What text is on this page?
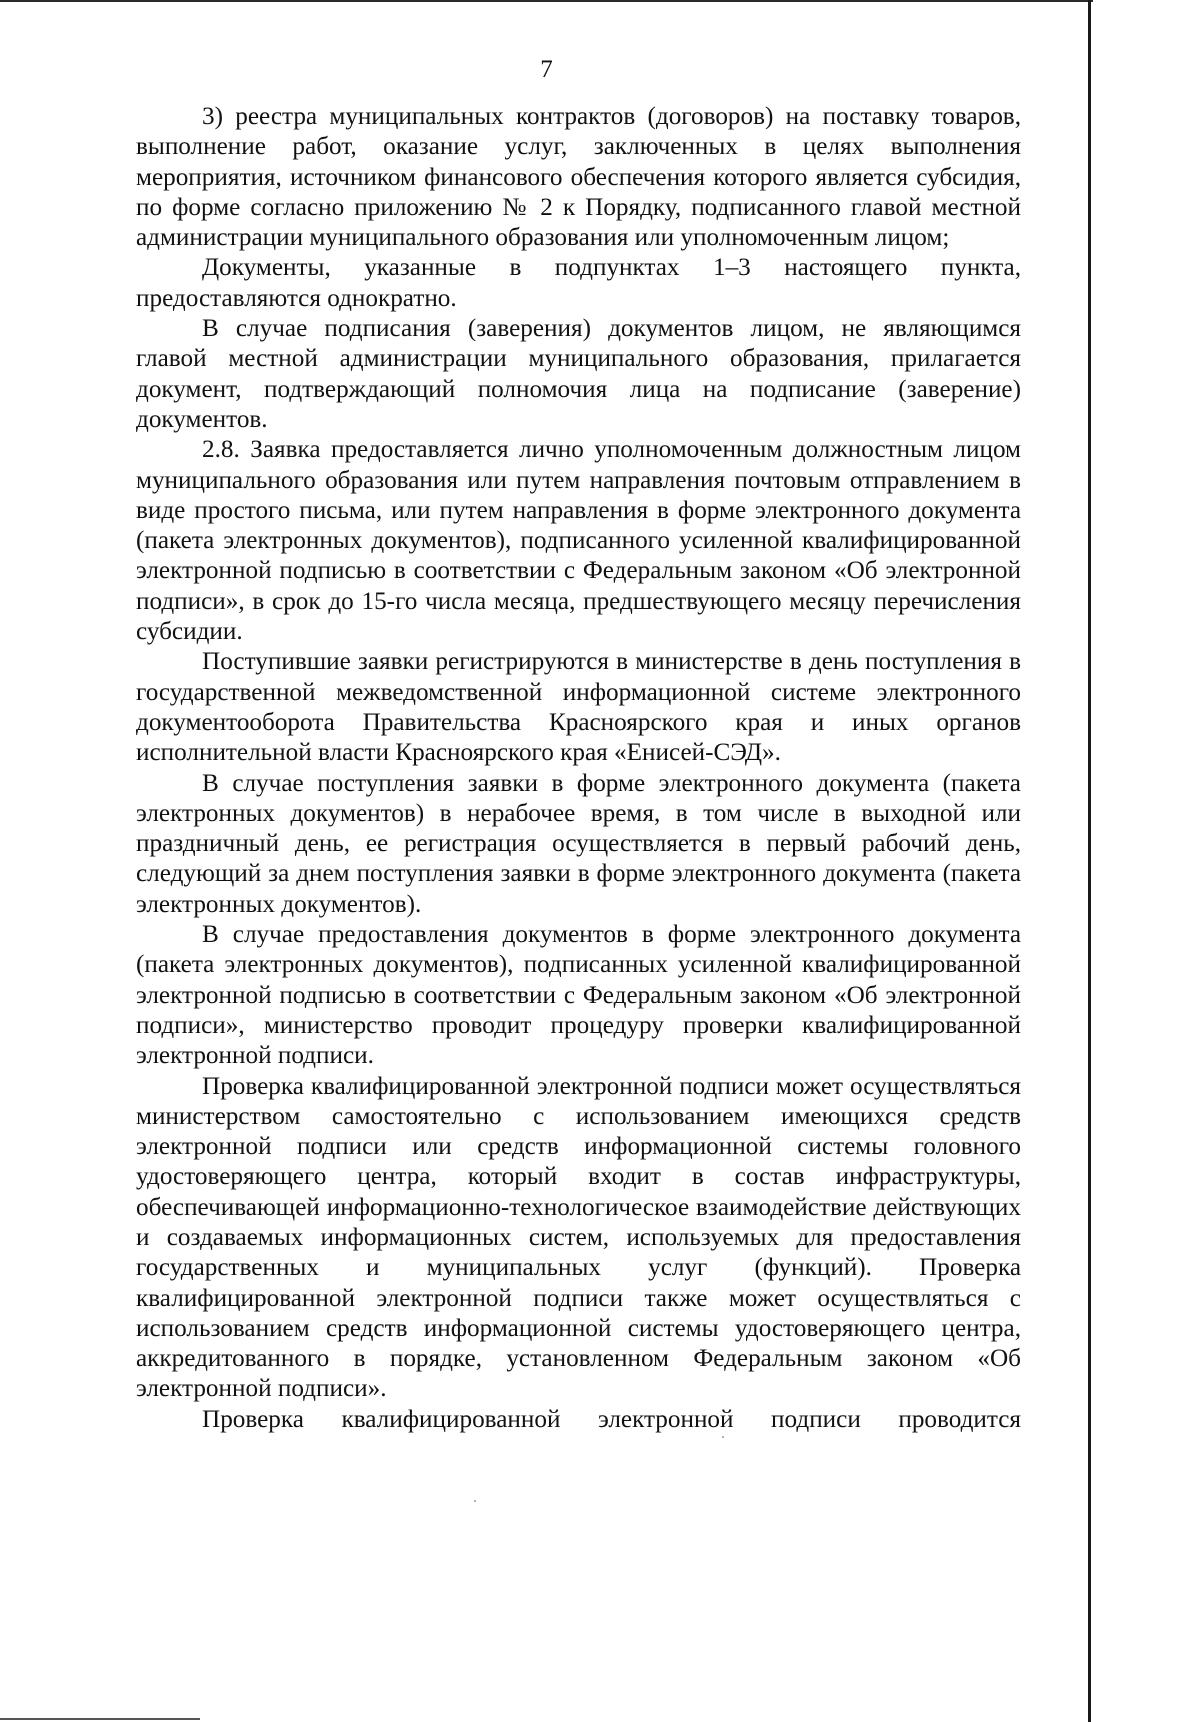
7

3) реестра муниципальных контрактов (договоров) на поставку товаров, выполнение работ, оказание услуг, заключенных в целях выполнения мероприятия, источником финансового обеспечения которого является субсидия, по форме согласно приложению № 2 к Порядку, подписанного главой местной администрации муниципального образования или уполномоченным лицом;

Документы, указанные в подпунктах 1–3 настоящего пункта, предоставляются однократно.

В случае подписания (заверения) документов лицом, не являющимся главой местной администрации муниципального образования, прилагается документ, подтверждающий полномочия лица на подписание (заверение) документов.

2.8. Заявка предоставляется лично уполномоченным должностным лицом муниципального образования или путем направления почтовым отправлением в виде простого письма, или путем направления в форме электронного документа (пакета электронных документов), подписанного усиленной квалифицированной электронной подписью в соответствии с Федеральным законом «Об электронной подписи», в срок до 15-го числа месяца, предшествующего месяцу перечисления субсидии.

Поступившие заявки регистрируются в министерстве в день поступления в государственной межведомственной информационной системе электронного документооборота Правительства Красноярского края и иных органов исполнительной власти Красноярского края «Енисей-СЭД».

В случае поступления заявки в форме электронного документа (пакета электронных документов) в нерабочее время, в том числе в выходной или праздничный день, ее регистрация осуществляется в первый рабочий день, следующий за днем поступления заявки в форме электронного документа (пакета электронных документов).

В случае предоставления документов в форме электронного документа (пакета электронных документов), подписанных усиленной квалифицированной электронной подписью в соответствии с Федеральным законом «Об электронной подписи», министерство проводит процедуру проверки квалифицированной электронной подписи.

Проверка квалифицированной электронной подписи может осуществляться министерством самостоятельно с использованием имеющихся средств электронной подписи или средств информационной системы головного удостоверяющего центра, который входит в состав инфраструктуры, обеспечивающей информационно-технологическое взаимодействие действующих и создаваемых информационных систем, используемых для предоставления государственных и муниципальных услуг (функций). Проверка квалифицированной электронной подписи также может осуществляться с использованием средств информационной системы удостоверяющего центра, аккредитованного в порядке, установленном Федеральным законом «Об электронной подписи».

Проверка квалифицированной электронной подписи проводится
